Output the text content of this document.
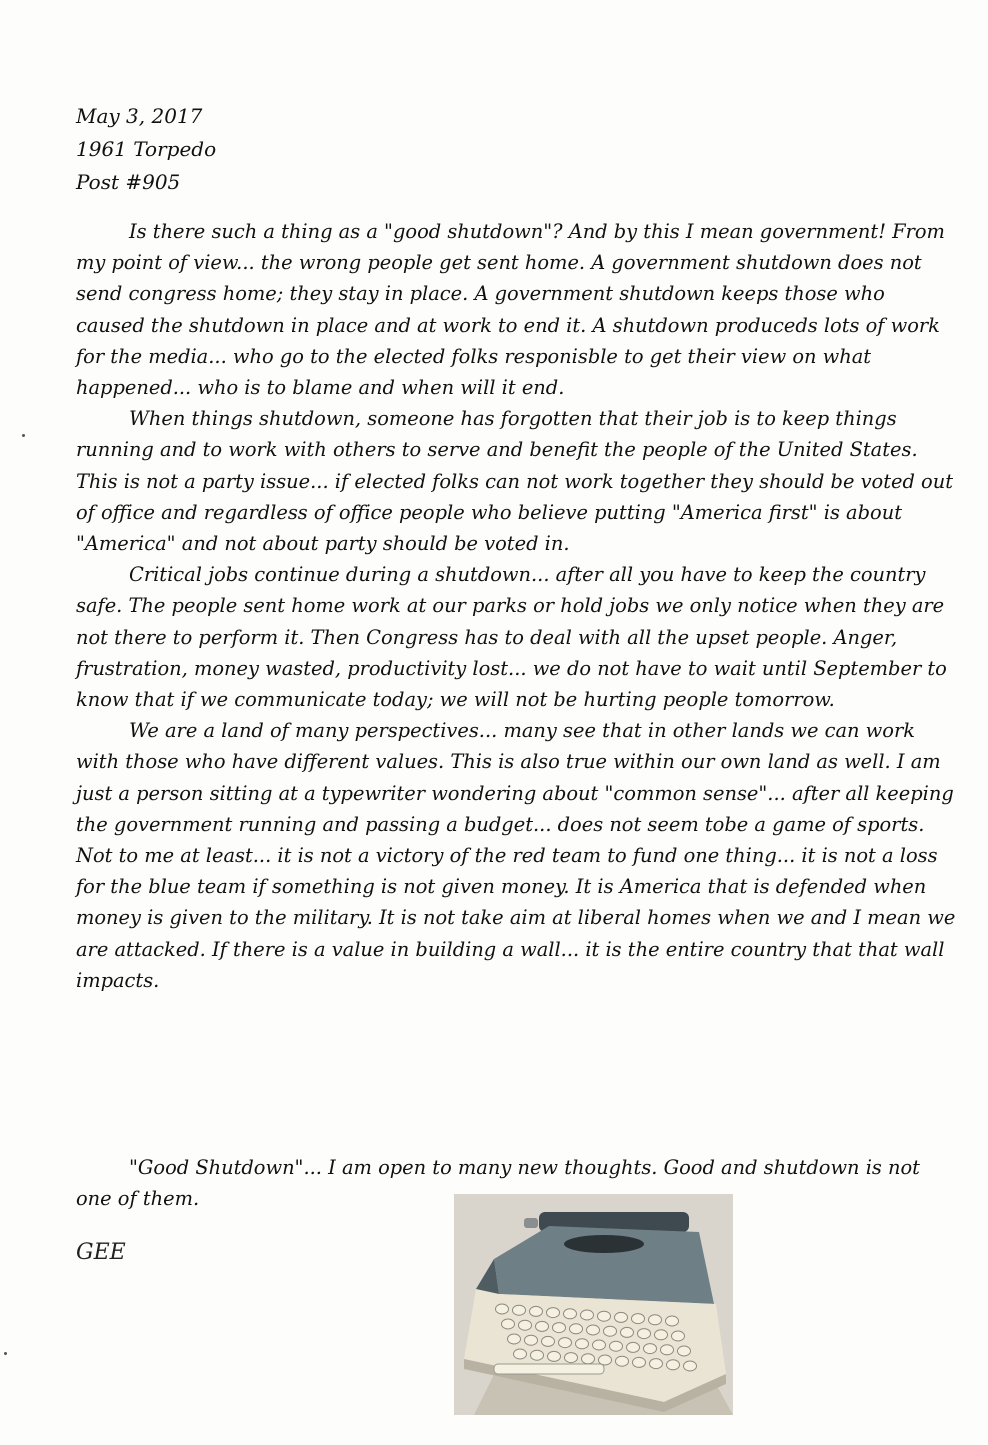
May 3, 2017
1961 Torpedo
Post #905

Is there such a thing as a "good shutdown"? And by this I mean government! From my point of view... the wrong people get sent home. A government shutdown does not send congress home; they stay in place. A government shutdown keeps those who caused the shutdown in place and at work to end it. A shutdown produceds lots of work for the media... who go to the elected folks responisble to get their view on what happened... who is to blame and when will it end.

When things shutdown, someone has forgotten that their job is to keep things running and to work with others to serve and benefit the people of the United States. This is not a party issue... if elected folks can not work together they should be voted out of office and regardless of office people who believe putting "America first" is about "America" and not about party should be voted in.

Critical jobs continue during a shutdown... after all you have to keep the country safe. The people sent home work at our parks or hold jobs we only notice when they are not there to perform it. Then Congress has to deal with all the upset people. Anger, frustration, money wasted, productivity lost... we do not have to wait until September to know that if we communicate today; we will not be hurting people tomorrow.

We are a land of many perspectives... many see that in other lands we can work with those who have different values. This is also true within our own land as well. I am just a person sitting at a typewriter wondering about "common sense"... after all keeping the government running and passing a budget... does not seem tobe a game of sports. Not to me at least... it is not a victory of the red team to fund one thing... it is not a loss for the blue team if something is not given money. It is America that is defended when money is given to the military. It is not take aim at liberal homes when we and I mean we are attacked. If there is a value in building a wall... it is the entire country that that wall impacts.

"Good Shutdown"... I am open to many new thoughts. Good and shutdown is not one of them.

GEE
